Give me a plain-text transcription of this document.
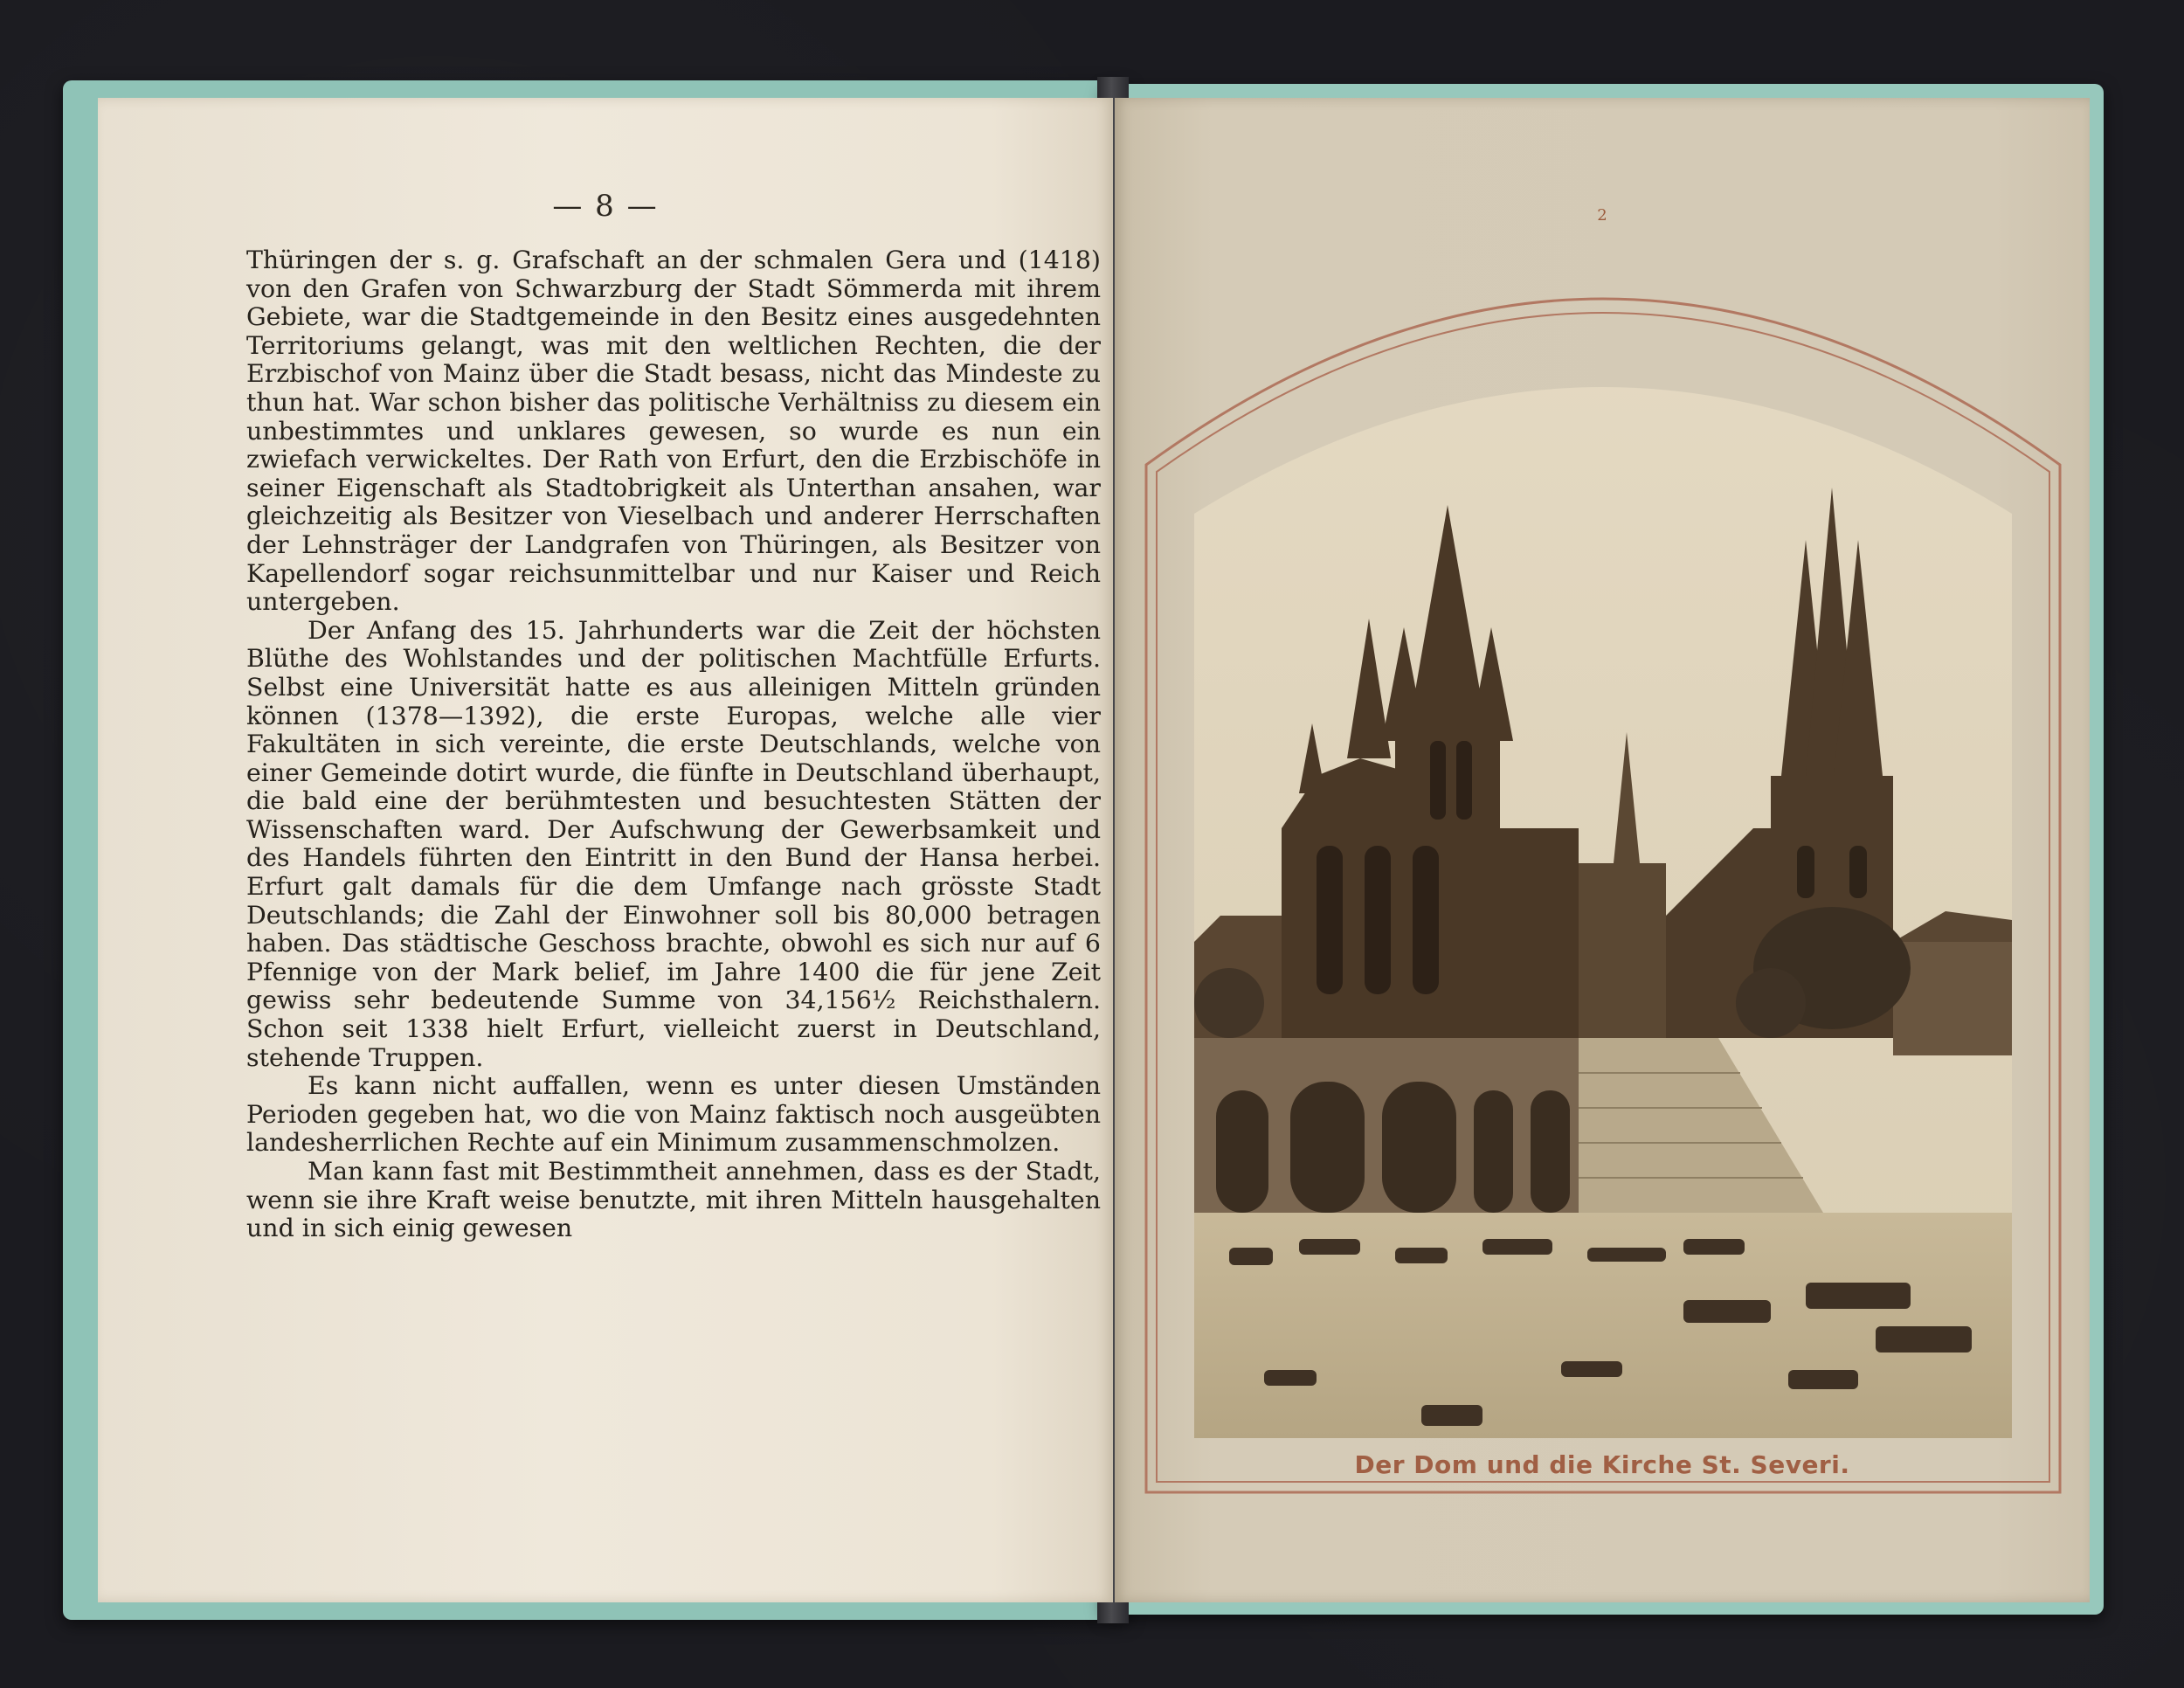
— 8 —

Thüringen der s. g. Grafschaft an der schmalen Gera und (1418) von den Grafen von Schwarzburg der Stadt Sömmerda mit ihrem Gebiete, war die Stadtgemeinde in den Besitz eines ausgedehnten Territoriums gelangt, was mit den weltlichen Rechten, die der Erzbischof von Mainz über die Stadt besass, nicht das Mindeste zu thun hat. War schon bisher das politische Verhältniss zu diesem ein unbestimmtes und unklares gewesen, so wurde es nun ein zwiefach verwickeltes. Der Rath von Erfurt, den die Erzbischöfe in seiner Eigenschaft als Stadtobrigkeit als Unterthan ansahen, war gleichzeitig als Besitzer von Vieselbach und anderer Herrschaften der Lehnsträger der Landgrafen von Thüringen, als Besitzer von Kapellendorf sogar reichsunmittelbar und nur Kaiser und Reich untergeben.

Der Anfang des 15. Jahrhunderts war die Zeit der höchsten Blüthe des Wohlstandes und der politischen Machtfülle Erfurts. Selbst eine Universität hatte es aus alleinigen Mitteln gründen können (1378—1392), die erste Europas, welche alle vier Fakultäten in sich vereinte, die erste Deutschlands, welche von einer Gemeinde dotirt wurde, die fünfte in Deutschland überhaupt, die bald eine der berühmtesten und besuchtesten Stätten der Wissenschaften ward. Der Aufschwung der Gewerbsamkeit und des Handels führten den Eintritt in den Bund der Hansa herbei. Erfurt galt damals für die dem Umfange nach grösste Stadt Deutschlands; die Zahl der Einwohner soll bis 80,000 betragen haben. Das städtische Geschoss brachte, obwohl es sich nur auf 6 Pfennige von der Mark belief, im Jahre 1400 die für jene Zeit gewiss sehr bedeutende Summe von 34,156½ Reichsthalern. Schon seit 1338 hielt Erfurt, vielleicht zuerst in Deutschland, stehende Truppen.

Es kann nicht auffallen, wenn es unter diesen Umständen Perioden gegeben hat, wo die von Mainz faktisch noch ausgeübten landesherrlichen Rechte auf ein Minimum zusammenschmolzen.

Man kann fast mit Bestimmtheit annehmen, dass es der Stadt, wenn sie ihre Kraft weise benutzte, mit ihren Mitteln hausgehalten und in sich einig gewesen

2
Der Dom und die Kirche St. Severi.
